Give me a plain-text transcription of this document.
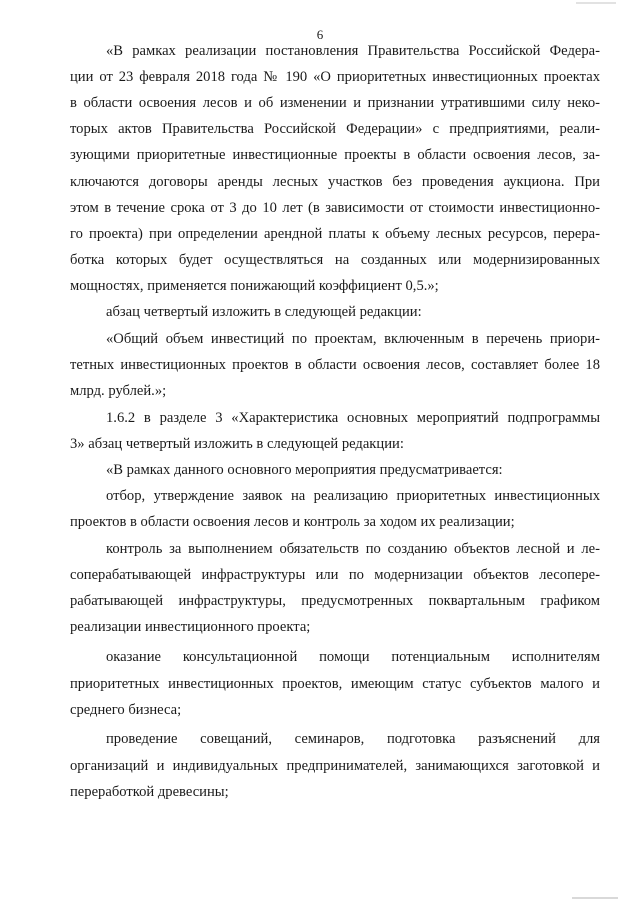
6

«В рамках реализации постановления Правительства Российской Федера-

ции от 23 февраля 2018 года № 190 «О приоритетных инвестиционных проектах

в области освоения лесов и об изменении и признании утратившими силу неко-

торых актов Правительства Российской Федерации» с предприятиями, реали-

зующими приоритетные инвестиционные проекты в области освоения лесов, за-

ключаются договоры аренды лесных участков без проведения аукциона. При

этом в течение срока от 3 до 10 лет (в зависимости от стоимости инвестиционно-

го проекта) при определении арендной платы к объему лесных ресурсов, перера-

ботка которых будет осуществляться на созданных или модернизированных

мощностях, применяется понижающий коэффициент 0,5.»;

абзац четвертый изложить в следующей редакции:

«Общий объем инвестиций по проектам, включенным в перечень приори-

тетных инвестиционных проектов в области освоения лесов, составляет более 18

млрд. рублей.»;

1.6.2 в разделе 3 «Характеристика основных мероприятий подпрограммы

3» абзац четвертый изложить в следующей редакции:

«В рамках данного основного мероприятия предусматривается:

отбор, утверждение заявок на реализацию приоритетных инвестиционных

проектов в области освоения лесов и контроль за ходом их реализации;

контроль за выполнением обязательств по созданию объектов лесной и ле-

соперабатывающей инфраструктуры или по модернизации объектов лесопере-

рабатывающей инфраструктуры, предусмотренных поквартальным графиком

реализации инвестиционного проекта;

оказание консультационной помощи потенциальным исполнителям

приоритетных инвестиционных проектов, имеющим статус субъектов малого и

среднего бизнеса;

проведение совещаний, семинаров, подготовка разъяснений для

организаций и индивидуальных предпринимателей, занимающихся заготовкой и

переработкой древесины;
